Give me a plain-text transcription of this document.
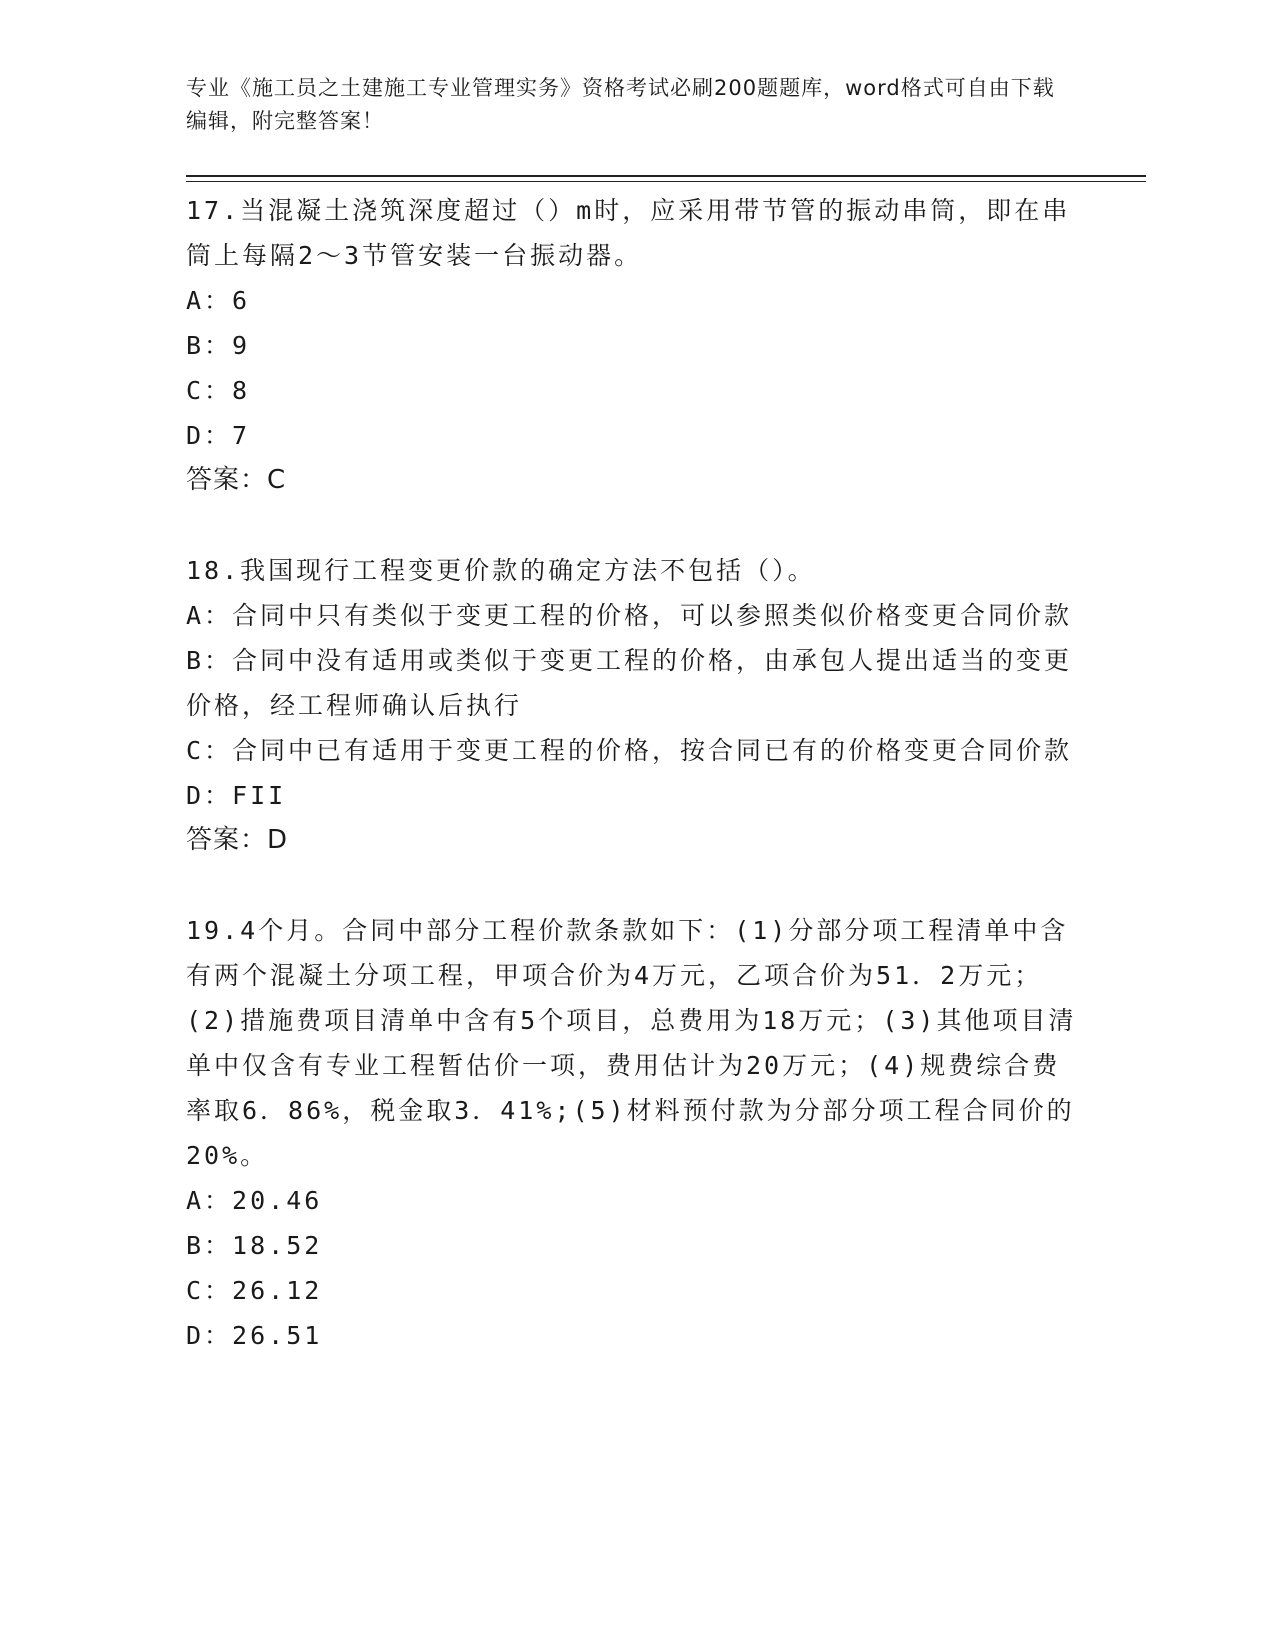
专业《施工员之土建施工专业管理实务》资格考试必刷200题题库，word格式可自由下载编辑，附完整答案！

17.当混凝土浇筑深度超过（）m时，应采用带节管的振动串筒，即在串筒上每隔2～3节管安装一台振动器。

A：6

B：9

C：8

D：7

答案：C

18.我国现行工程变更价款的确定方法不包括（）。

A：合同中只有类似于变更工程的价格，可以参照类似价格变更合同价款

B：合同中没有适用或类似于变更工程的价格，由承包人提出适当的变更价格，经工程师确认后执行

C：合同中已有适用于变更工程的价格，按合同已有的价格变更合同价款

D：FII

答案：D

19.4个月。合同中部分工程价款条款如下：(1)分部分项工程清单中含有两个混凝土分项工程，甲项合价为4万元，乙项合价为51．2万元；(2)措施费项目清单中含有5个项目，总费用为18万元；(3)其他项目清单中仅含有专业工程暂估价一项，费用估计为20万元；(4)规费综合费率取6．86%，税金取3．41%;(5)材料预付款为分部分项工程合同价的20%。

A：20.46

B：18.52

C：26.12

D：26.51
